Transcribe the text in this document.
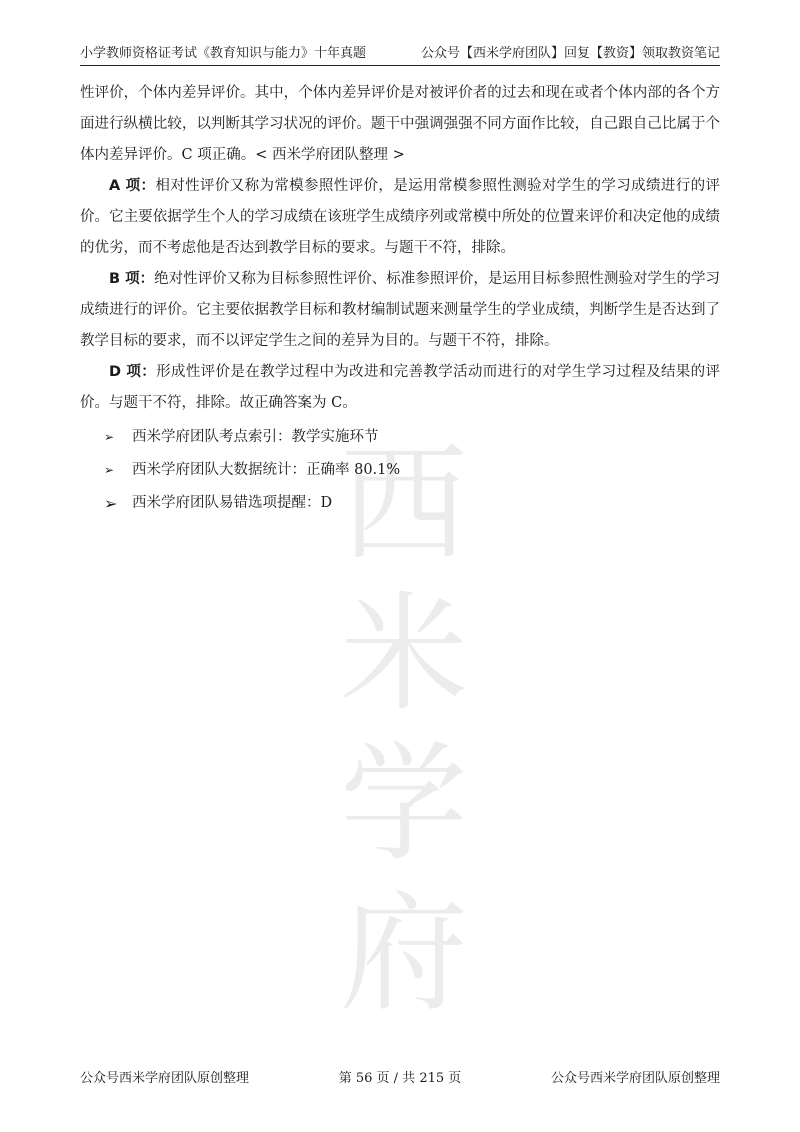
小学教师资格证考试《教育知识与能力》十年真题	公众号【西米学府团队】回复【教资】领取教资笔记
西米
学府

性评价，个体内差异评价。其中，个体内差异评价是对被评价者的过去和现在或者个体内部的各个方面进行纵横比较，以判断其学习状况的评价。题干中强调强强不同方面作比较，自己跟自己比属于个体内差异评价。C 项正确。< 西米学府团队整理 >

A 项：相对性评价又称为常模参照性评价，是运用常模参照性测验对学生的学习成绩进行的评价。它主要依据学生个人的学习成绩在该班学生成绩序列或常模中所处的位置来评价和决定他的成绩的优劣，而不考虑他是否达到教学目标的要求。与题干不符，排除。

B 项：绝对性评价又称为目标参照性评价、标准参照评价，是运用目标参照性测验对学生的学习成绩进行的评价。它主要依据教学目标和教材编制试题来测量学生的学业成绩，判断学生是否达到了教学目标的要求，而不以评定学生之间的差异为目的。与题干不符，排除。

D 项：形成性评价是在教学过程中为改进和完善教学活动而进行的对学生学习过程及结果的评价。与题干不符，排除。故正确答案为 C。

➢	西米学府团队考点索引：教学实施环节
➢	西米学府团队大数据统计：正确率 80.1%
➢	西米学府团队易错选项提醒：D
公众号西米学府团队原创整理	第 56 页 / 共 215 页	公众号西米学府团队原创整理
